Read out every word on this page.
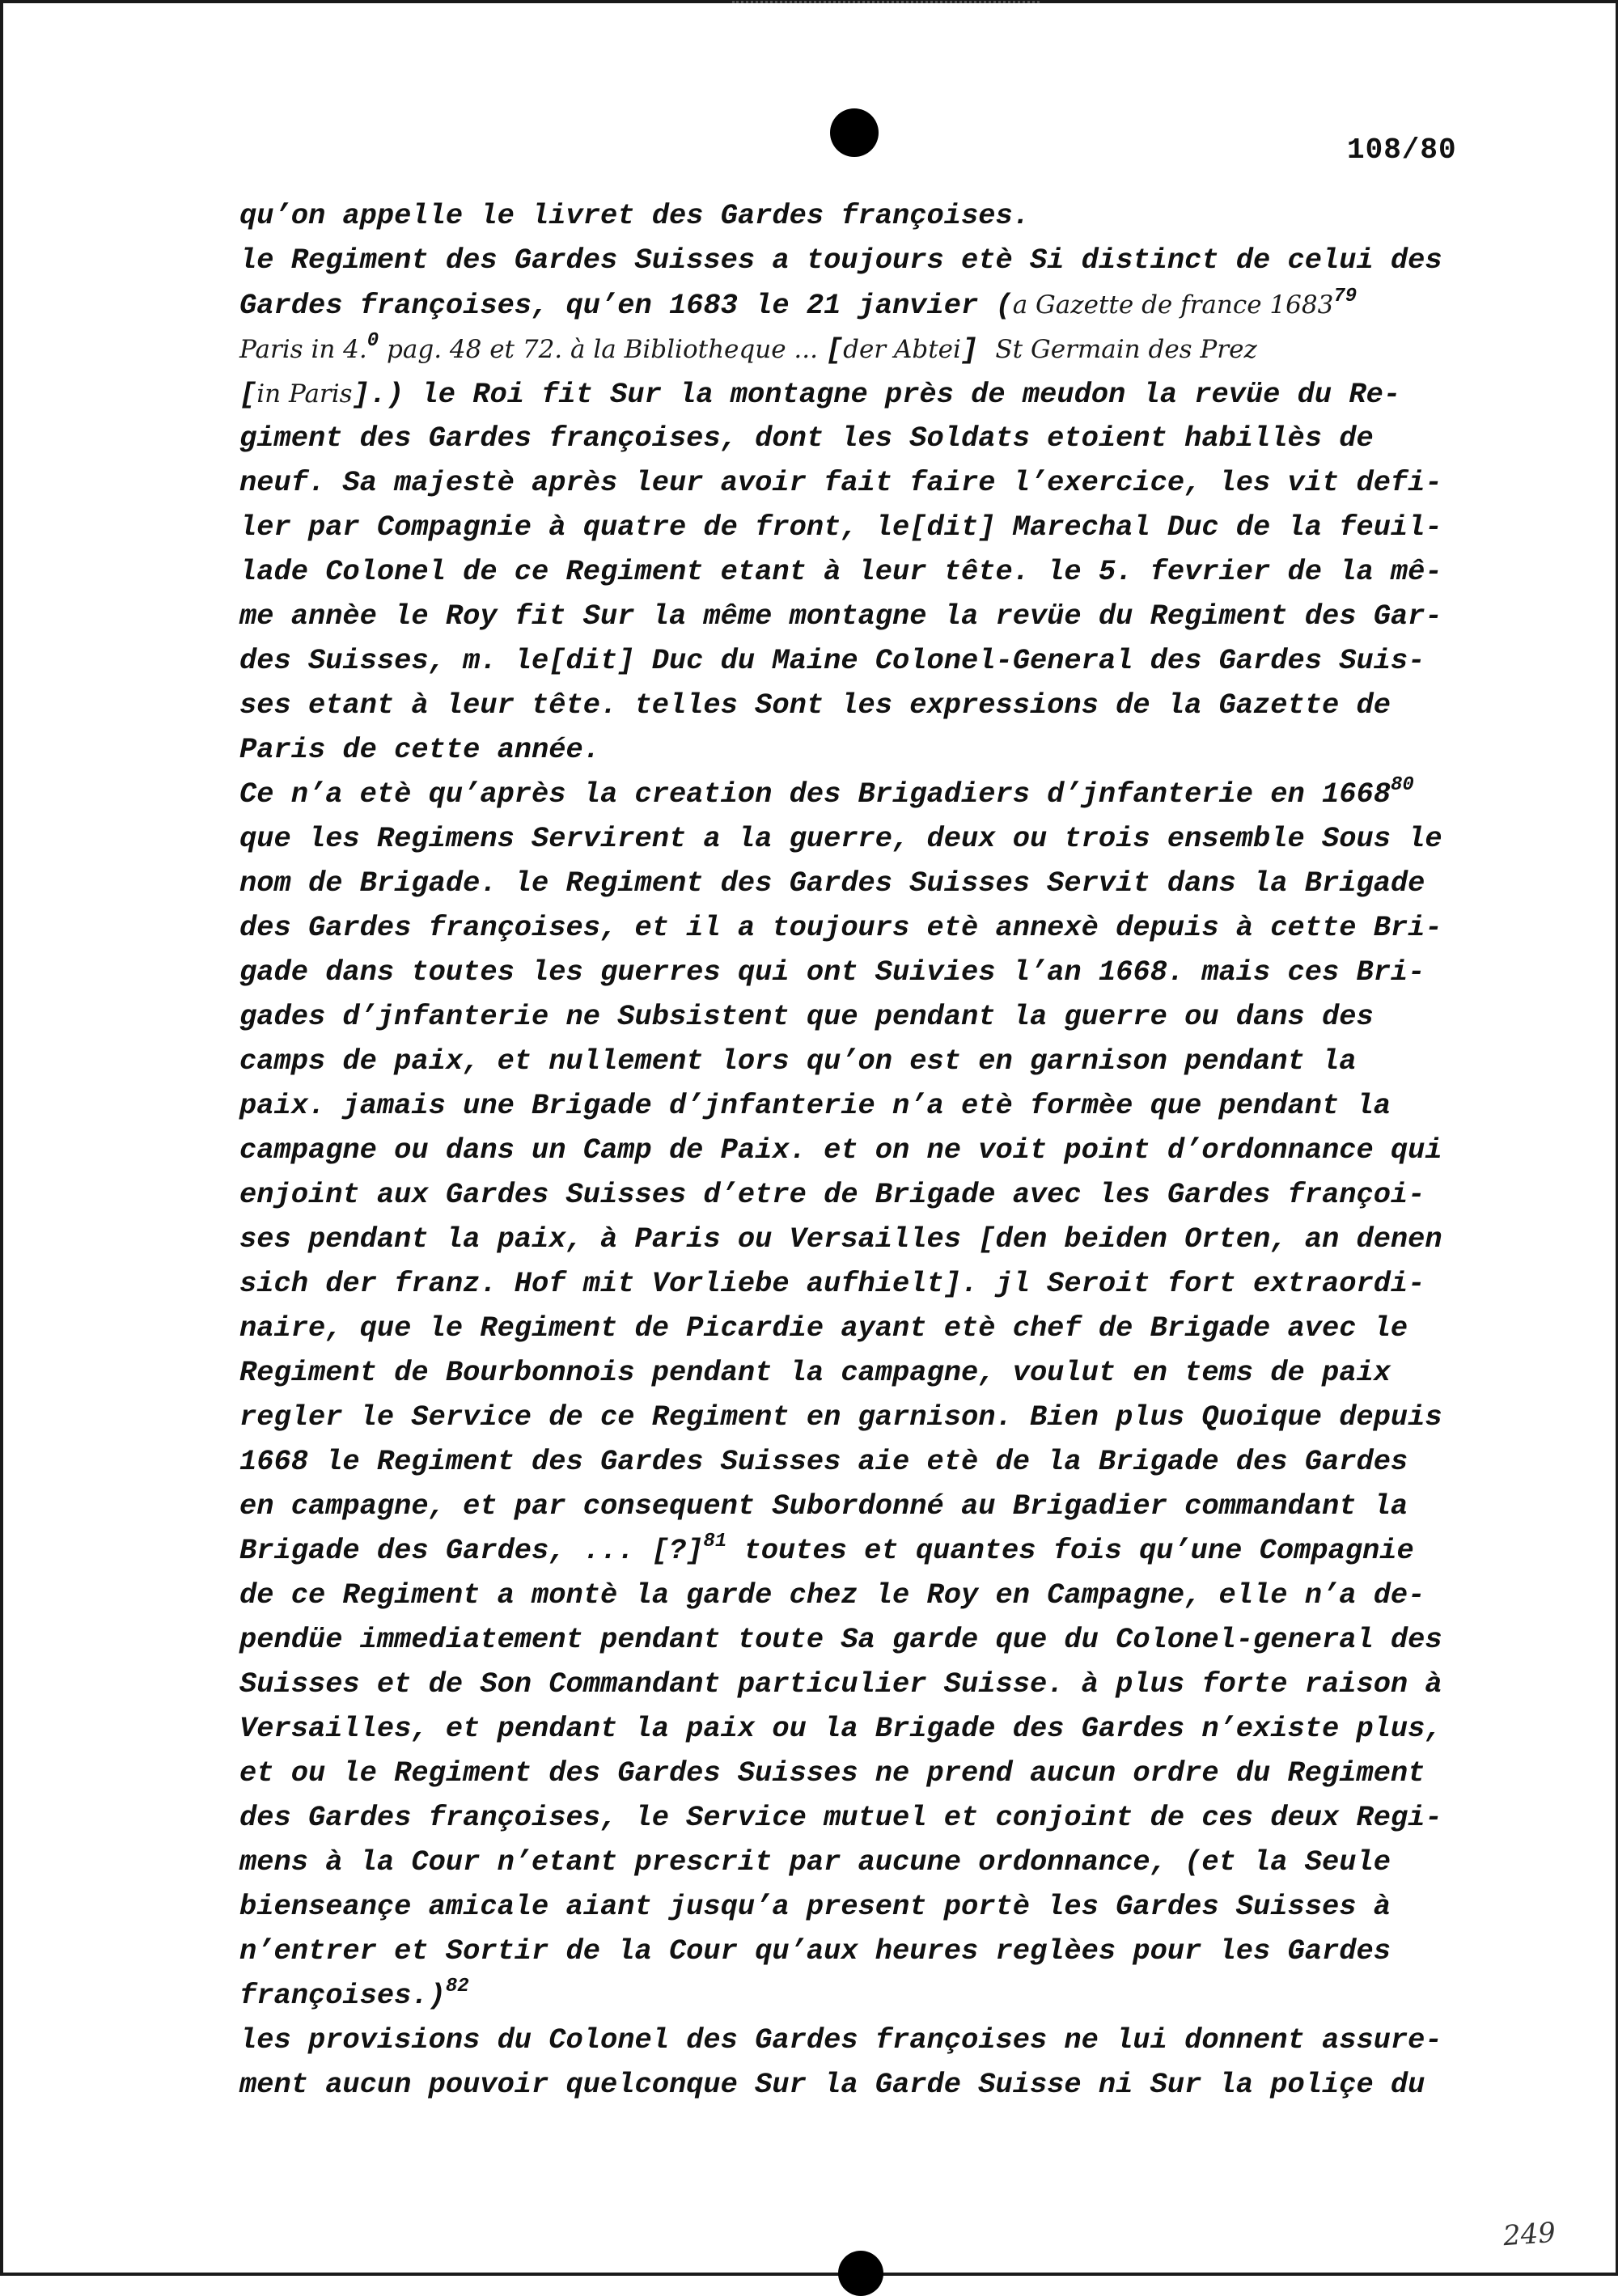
108/80
qu’on appelle le livret des Gardes françoises.
le Regiment des Gardes Suisses a toujours etè Si distinct de celui des
Gardes françoises, qu’en 1683 le 21 janvier (a Gazette de france 1683$^{79}$
Paris in 4.$^0$ pag. 48 et 72. à la Bibliotheque ... [der Abtei] St Germain des Prez
[in Paris].) le Roi fit Sur la montagne près de meudon la revüe du Re-
giment des Gardes françoises, dont les Soldats etoient habillès de
neuf. Sa majestè après leur avoir fait faire l’exercice, les vit defi-
ler par Compagnie à quatre de front, le[dit] Marechal Duc de la feuil-
lade Colonel de ce Regiment etant à leur tête. le 5. fevrier de la mê-
me annèe le Roy fit Sur la même montagne la revüe du Regiment des Gar-
des Suisses, m. le[dit] Duc du Maine Colonel-General des Gardes Suis-
ses etant à leur tête. telles Sont les expressions de la Gazette de
Paris de cette année.
Ce n’a etè qu’après la creation des Brigadiers d’jnfanterie en 1668$^{80}$
que les Regimens Servirent a la guerre, deux ou trois ensemble Sous le
nom de Brigade. le Regiment des Gardes Suisses Servit dans la Brigade
des Gardes françoises, et il a toujours etè annexè depuis à cette Bri-
gade dans toutes les guerres qui ont Suivies l’an 1668. mais ces Bri-
gades d’jnfanterie ne Subsistent que pendant la guerre ou dans des
camps de paix, et nullement lors qu’on est en garnison pendant la
paix. jamais une Brigade d’jnfanterie n’a etè formèe que pendant la
campagne ou dans un Camp de Paix. et on ne voit point d’ordonnance qui
enjoint aux Gardes Suisses d’etre de Brigade avec les Gardes françoi-
ses pendant la paix, à Paris ou Versailles [den beiden Orten, an denen
sich der franz. Hof mit Vorliebe aufhielt]. jl Seroit fort extraordi-
naire, que le Regiment de Picardie ayant etè chef de Brigade avec le
Regiment de Bourbonnois pendant la campagne, voulut en tems de paix
regler le Service de ce Regiment en garnison. Bien plus Quoique depuis
1668 le Regiment des Gardes Suisses aie etè de la Brigade des Gardes
en campagne, et par consequent Subordonné au Brigadier commandant la
Brigade des Gardes, ... [?]$^{81}$ toutes et quantes fois qu’une Compagnie
de ce Regiment a montè la garde chez le Roy en Campagne, elle n’a de-
pendüe immediatement pendant toute Sa garde que du Colonel-general des
Suisses et de Son Commandant particulier Suisse. à plus forte raison à
Versailles, et pendant la paix ou la Brigade des Gardes n’existe plus,
et ou le Regiment des Gardes Suisses ne prend aucun ordre du Regiment
des Gardes françoises, le Service mutuel et conjoint de ces deux Regi-
mens à la Cour n’etant prescrit par aucune ordonnance, (et la Seule
bienseançe amicale aiant jusqu’a present portè les Gardes Suisses à
n’entrer et Sortir de la Cour qu’aux heures reglèes pour les Gardes
françoises.)$^{82}$
les provisions du Colonel des Gardes françoises ne lui donnent assure-
ment aucun pouvoir quelconque Sur la Garde Suisse ni Sur la poliçe du
249
